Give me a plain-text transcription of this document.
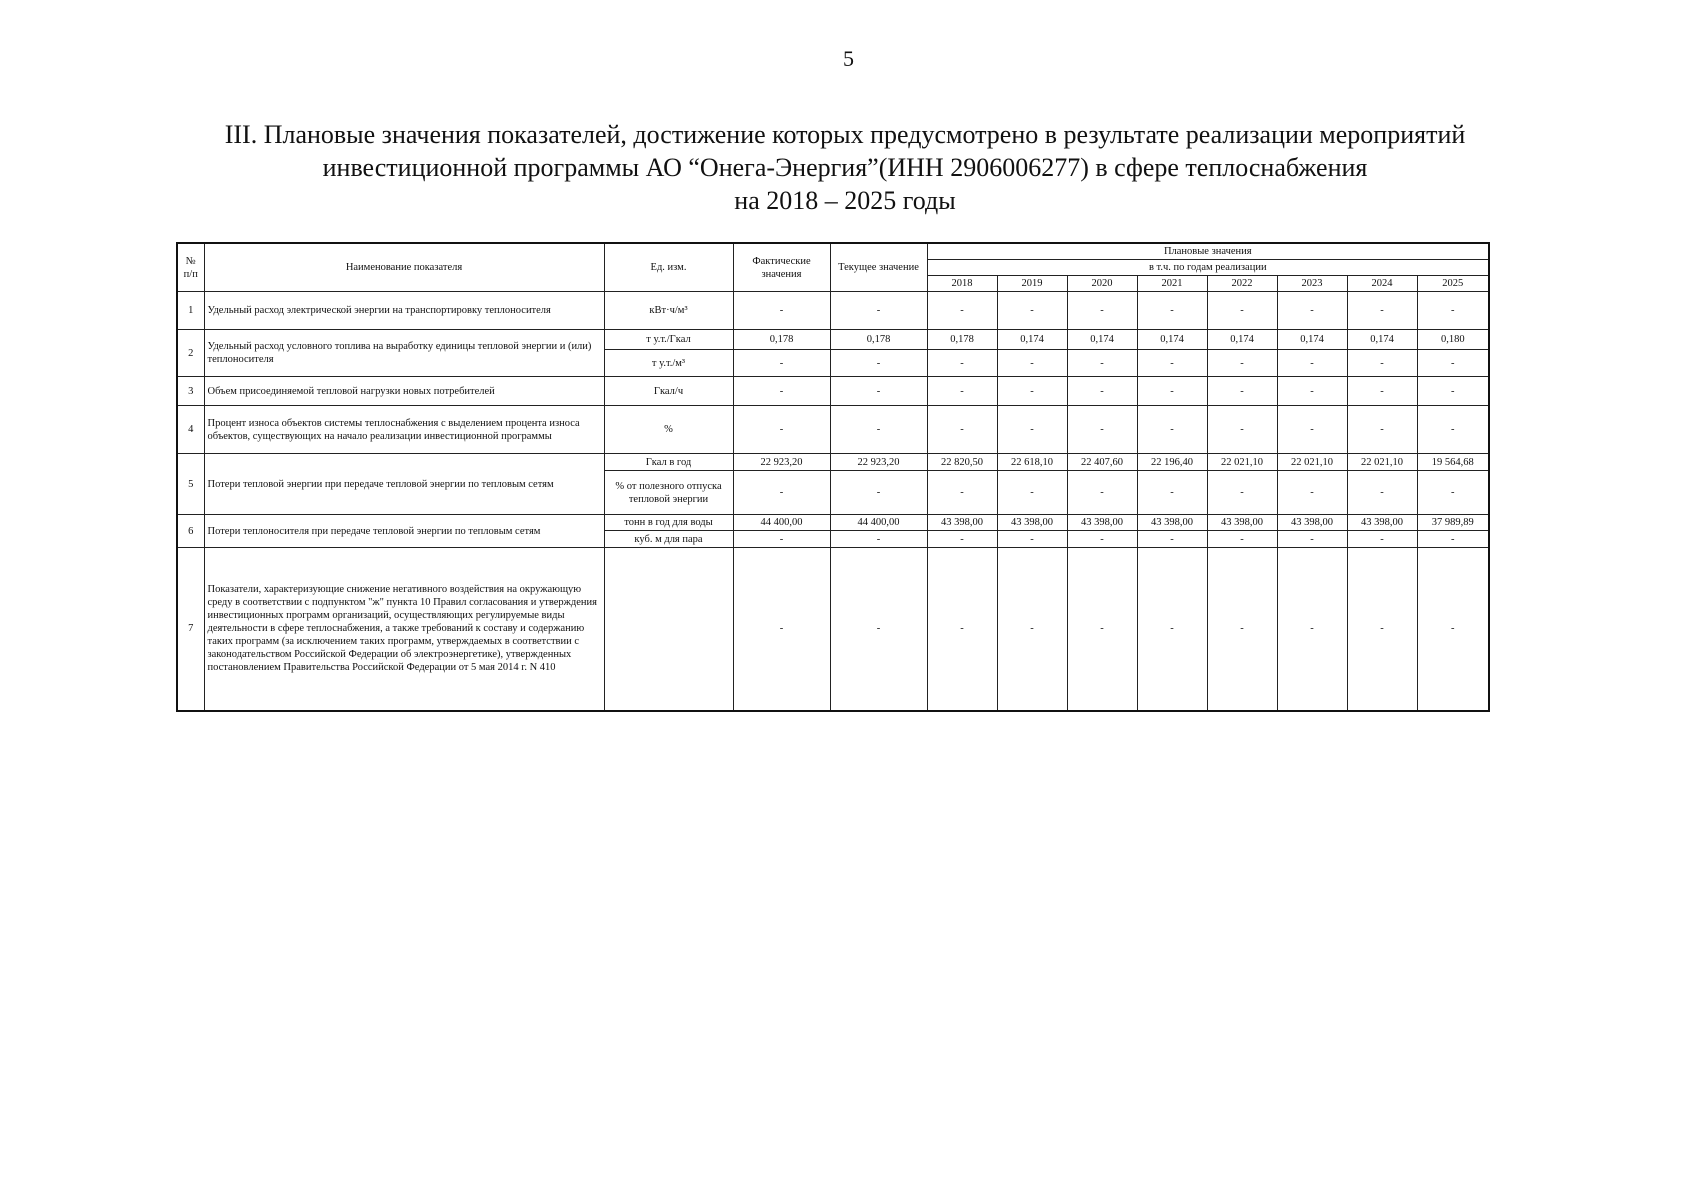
5
III. Плановые значения показателей, достижение которых предусмотрено в результате реализации мероприятий
инвестиционной программы АО “Онега-Энергия”(ИНН 2906006277) в сфере теплоснабжения
на 2018 – 2025 годы
№ п/п	Наименование показателя	Ед. изм.	Фактические значения	Текущее значение	Плановые значения							
					в т.ч. по годам реализации							
					2018	2019	2020	2021	2022	2023	2024	2025
1	Удельный расход электрической энергии на транспортировку теплоносителя	кВт·ч/м³	-	-	-	-	-	-	-	-	-	-
2	Удельный расход условного топлива на выработку единицы тепловой энергии и (или) теплоносителя	т у.т./Гкал	0,178	0,178	0,178	0,174	0,174	0,174	0,174	0,174	0,174	0,180
		т у.т./м³	-	-	-	-	-	-	-	-	-	-
3	Объем присоединяемой тепловой нагрузки новых потребителей	Гкал/ч	-	-	-	-	-	-	-	-	-	-
4	Процент износа объектов системы теплоснабжения с выделением процента износа объектов, существующих на начало реализации инвестиционной программы	%	-	-	-	-	-	-	-	-	-	-
5	Потери тепловой энергии при передаче тепловой энергии по тепловым сетям	Гкал в год	22 923,20	22 923,20	22 820,50	22 618,10	22 407,60	22 196,40	22 021,10	22 021,10	22 021,10	19 564,68
		% от полезного отпуска тепловой энергии	-	-	-	-	-	-	-	-	-	-
6	Потери теплоносителя при передаче тепловой энергии по тепловым сетям	тонн в год для воды	44 400,00	44 400,00	43 398,00	43 398,00	43 398,00	43 398,00	43 398,00	43 398,00	43 398,00	37 989,89
		куб. м для пара	-	-	-	-	-	-	-	-	-	-
7	Показатели, характеризующие снижение негативного воздействия на окружающую среду в соответствии с подпунктом "ж" пункта 10 Правил согласования и утверждения инвестиционных программ организаций, осуществляющих регулируемые виды деятельности в сфере теплоснабжения, а также требований к составу и содержанию таких программ (за исключением таких программ, утверждаемых в соответствии с законодательством Российской Федерации об электроэнергетике), утвержденных постановлением Правительства Российской Федерации от 5 мая 2014 г. N 410		-	-	-	-	-	-	-	-	-	-
